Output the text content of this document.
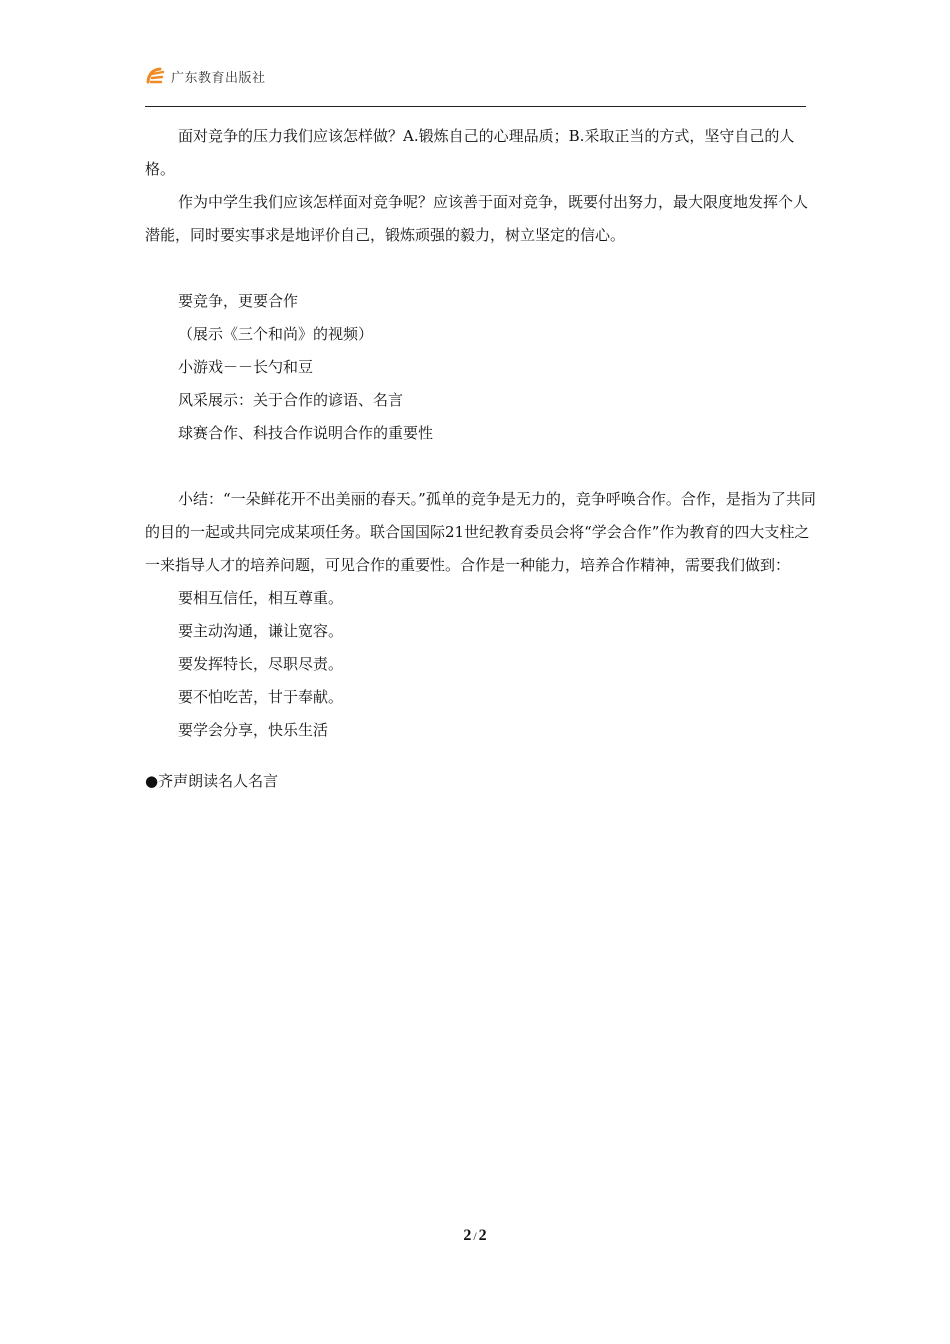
广东教育出版社

面对竞争的压力我们应该怎样做？A.锻炼自己的心理品质；B.采取正当的方式，坚守自己的人格。

作为中学生我们应该怎样面对竞争呢？应该善于面对竞争，既要付出努力，最大限度地发挥个人潜能，同时要实事求是地评价自己，锻炼顽强的毅力，树立坚定的信心。

要竞争，更要合作

（展示《三个和尚》的视频）

小游戏－－长勺和豆

风采展示：关于合作的谚语、名言

球赛合作、科技合作说明合作的重要性

小结：“一朵鲜花开不出美丽的春天。”孤单的竞争是无力的，竞争呼唤合作。合作，是指为了共同的目的一起或共同完成某项任务。联合国国际21世纪教育委员会将“学会合作”作为教育的四大支柱之一来指导人才的培养问题，可见合作的重要性。合作是一种能力，培养合作精神，需要我们做到：

要相互信任，相互尊重。

要主动沟通，谦让宽容。

要发挥特长，尽职尽责。

要不怕吃苦，甘于奉献。

要学会分享，快乐生活

●齐声朗读名人名言

2 / 2
